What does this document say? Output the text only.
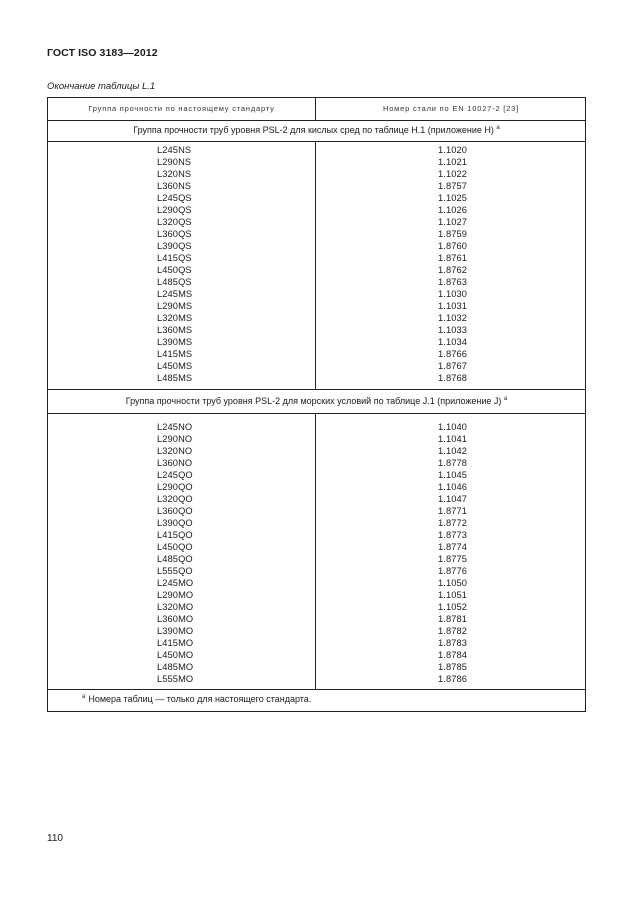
ГОСТ ISO 3183—2012
Окончание таблицы L.1
Группа прочности по настоящему стандарту	Номер стали по EN 10027-2 [23]
Группа прочности труб уровня PSL-2 для кислых сред по таблице H.1 (приложение H) $^a$
L245NS
L290NS
L320NS
L360NS
L245QS
L290QS
L320QS
L360QS
L390QS
L415QS
L450QS
L485QS
L245MS
L290MS
L320MS
L360MS
L390MS
L415MS
L450MS
L485MS
1.1020
1.1021
1.1022
1.8757
1.1025
1.1026
1.1027
1.8759
1.8760
1.8761
1.8762
1.8763
1.1030
1.1031
1.1032
1.1033
1.1034
1.8766
1.8767
1.8768
Группа прочности труб уровня PSL-2 для морских условий по таблице J.1 (приложение J) $^a$
L245NO
L290NO
L320NO
L360NO
L245QO
L290QO
L320QO
L360QO
L390QO
L415QO
L450QO
L485QO
L555QO
L245MO
L290MO
L320MO
L360MO
L390MO
L415MO
L450MO
L485MO
L555MO
1.1040
1.1041
1.1042
1.8778
1.1045
1.1046
1.1047
1.8771
1.8772
1.8773
1.8774
1.8775
1.8776
1.1050
1.1051
1.1052
1.8781
1.8782
1.8783
1.8784
1.8785
1.8786
$^a$ Номера таблиц — только для настоящего стандарта.
110
